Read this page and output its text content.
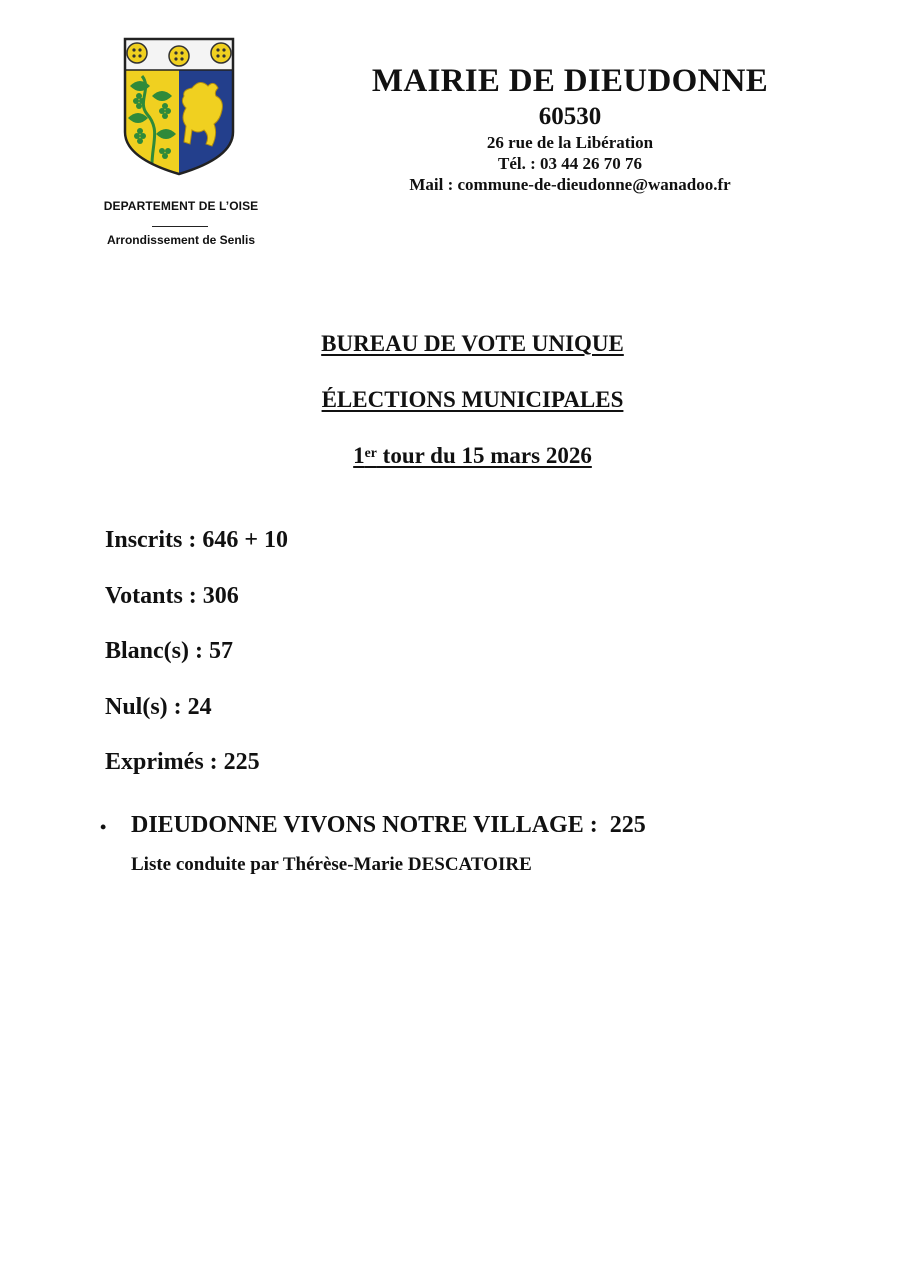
DEPARTEMENT DE L’OISE
Arrondissement de Senlis
MAIRIE DE DIEUDONNE
60530
26 rue de la Libération
Tél. : 03 44 26 70 76
Mail : commune-de-dieudonne@wanadoo.fr
BUREAU DE VOTE UNIQUE
ÉLECTIONS MUNICIPALES
1er tour du 15 mars 2026
Inscrits : 646 + 10
Votants : 306
Blanc(s) : 57
Nul(s) : 24
Exprimés : 225
• DIEUDONNE VIVONS NOTRE VILLAGE :  225
Liste conduite par Thérèse-Marie DESCATOIRE
